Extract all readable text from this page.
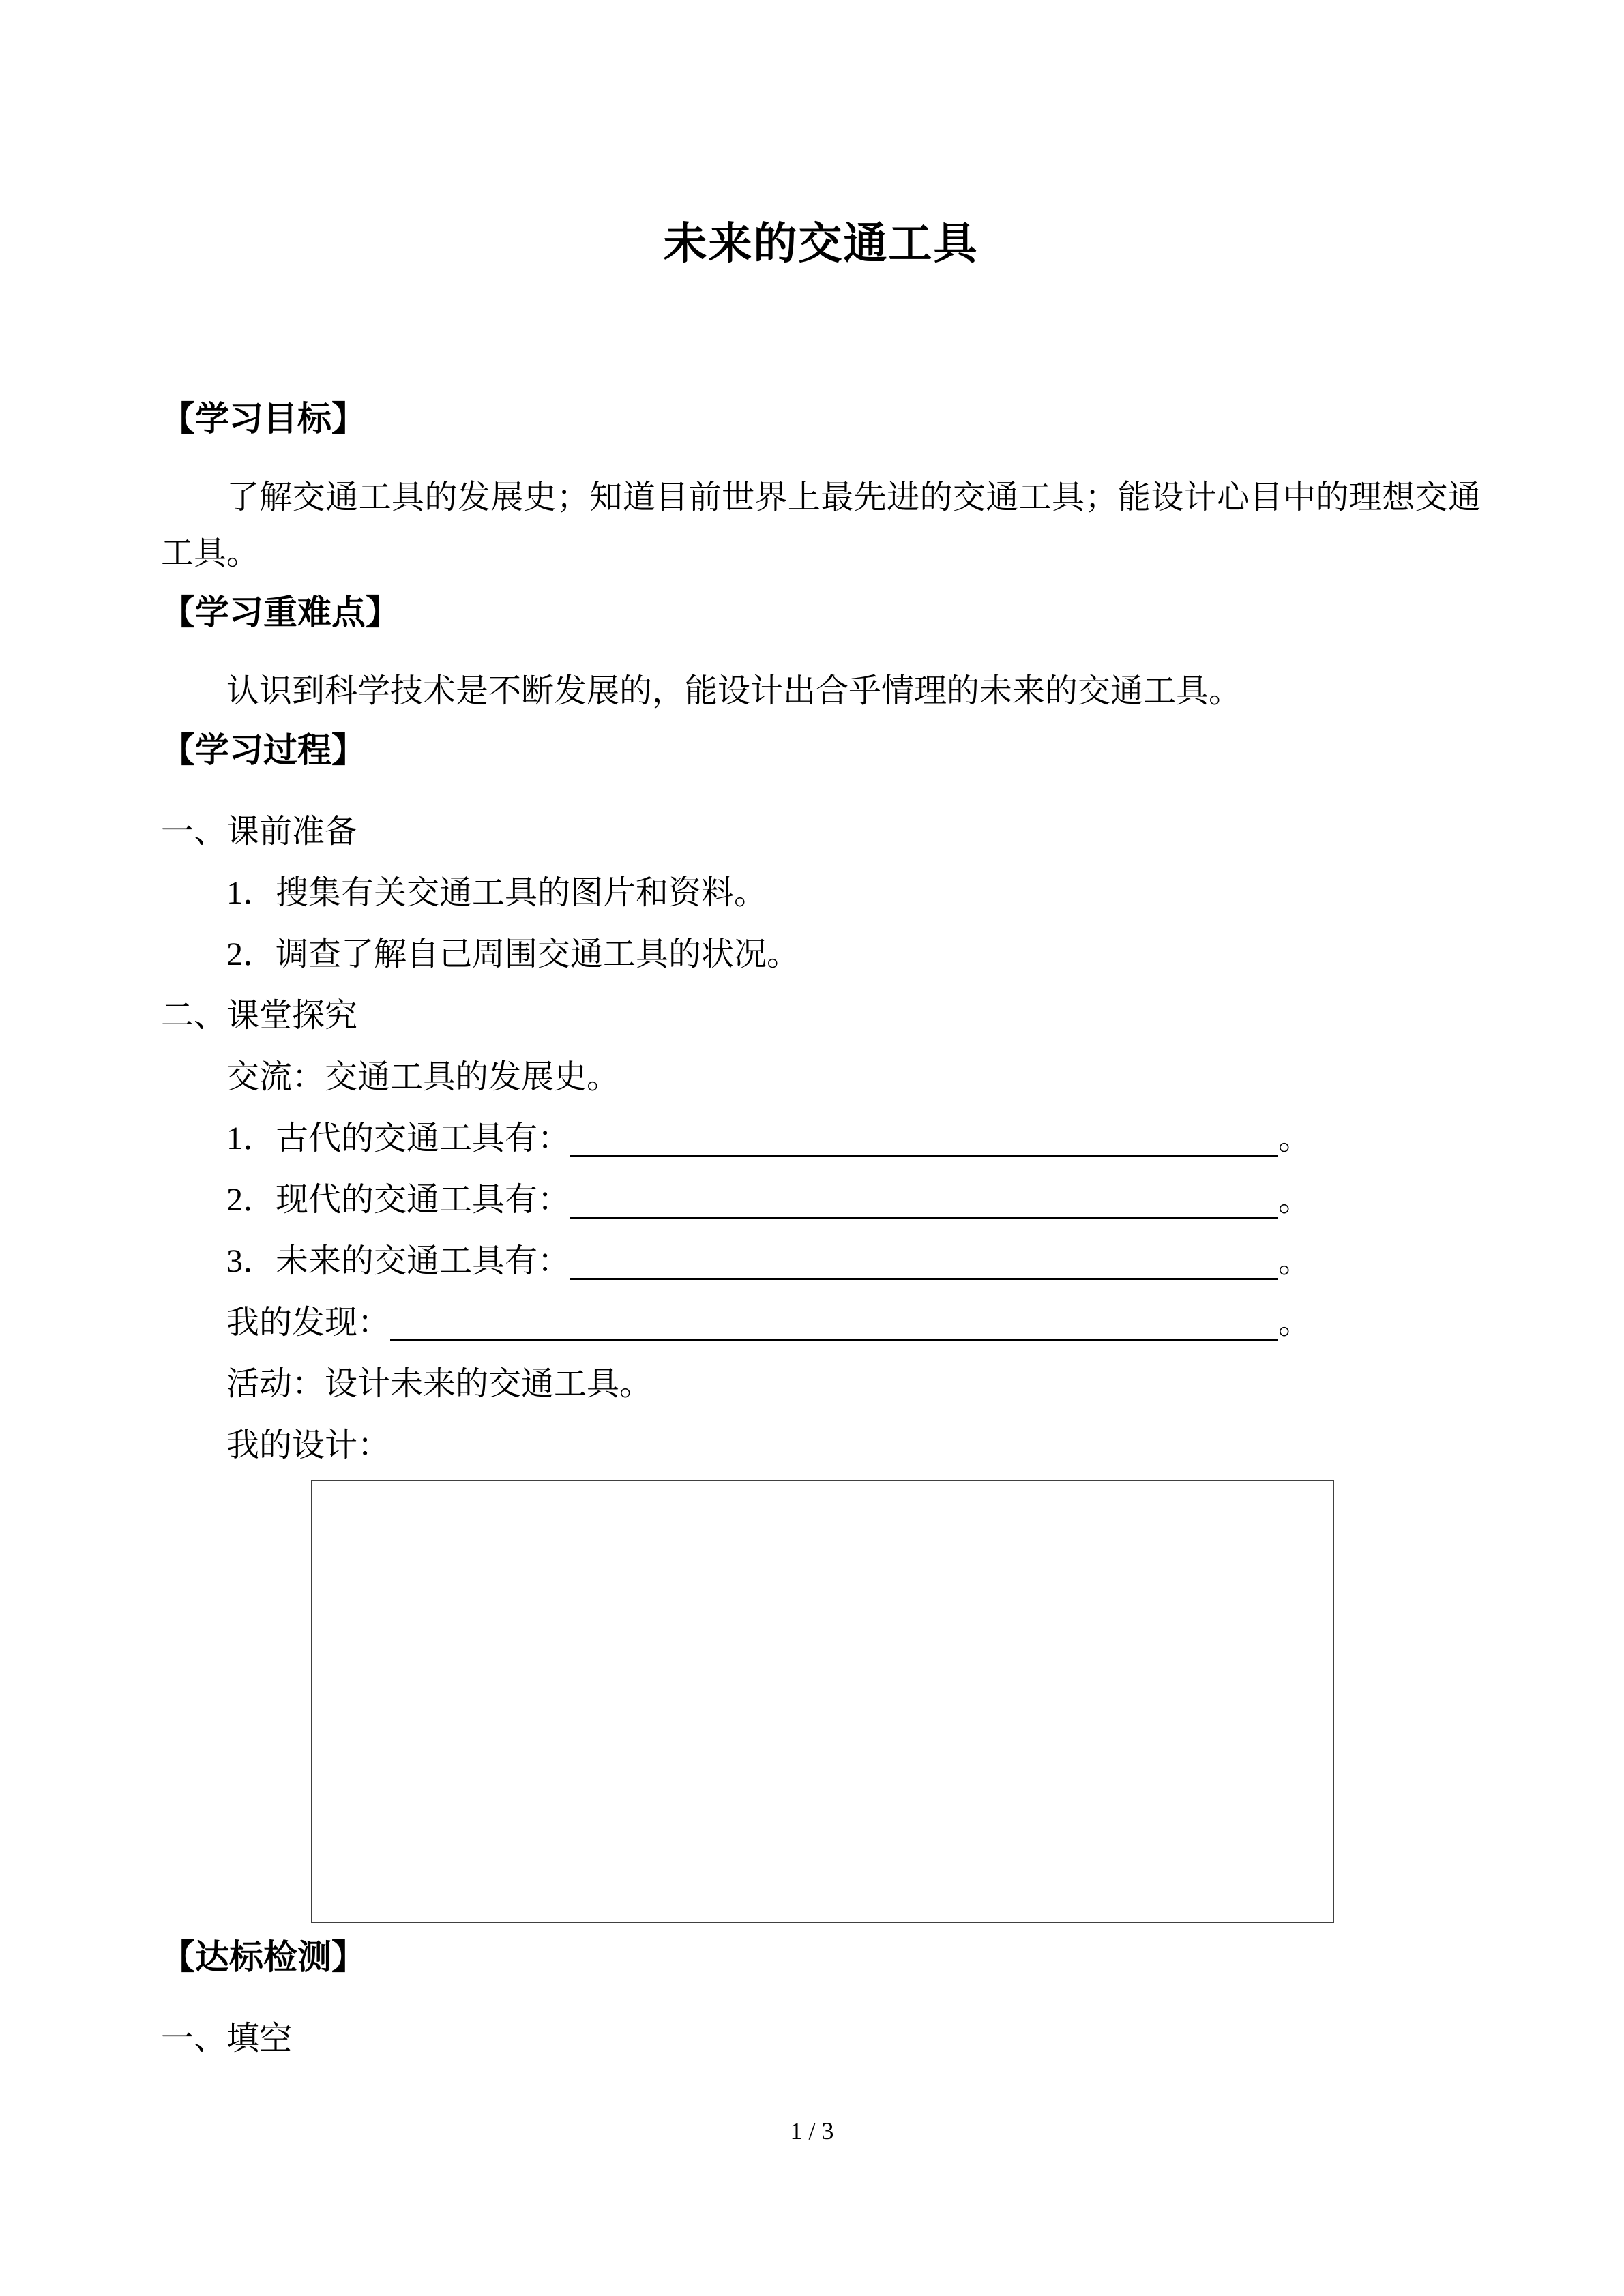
未来的交通工具
【学习目标】

了解交通工具的发展史；知道目前世界上最先进的交通工具；能设计心目中的理想交通工具。

【学习重难点】

认识到科学技术是不断发展的，能设计出合乎情理的未来的交通工具。

【学习过程】

一、课前准备

1．搜集有关交通工具的图片和资料。

2．调查了解自己周围交通工具的状况。

二、课堂探究

交流：交通工具的发展史。

1．古代的交通工具有：	。
2．现代的交通工具有：	。
3．未来的交通工具有：	。
我的发现：	。

活动：设计未来的交通工具。

我的设计：

【达标检测】

一、填空

1 / 3
